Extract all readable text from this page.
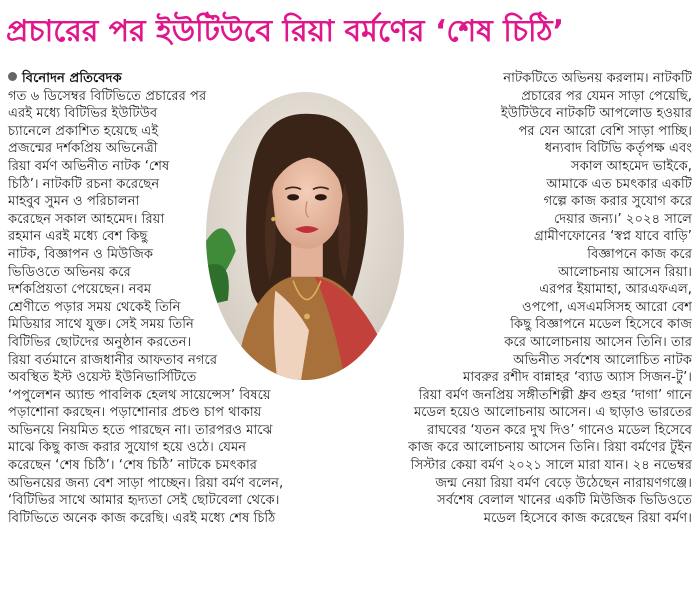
প্রচারের পর ইউটিউবে রিয়া বর্মণের ‘শেষ চিঠি’
বিনোদন প্রতিবেদক
গত ৬ ডিসেম্বর বিটিভিতে প্রচারের পর
এরই মধ্যে বিটিভির ইউটিউব
চ্যানেলে প্রকাশিত হয়েছে এই
প্রজন্মের দর্শকপ্রিয় অভিনেত্রী
রিয়া বর্মণ অভিনীত নাটক ‘শেষ
চিঠি’। নাটকটি রচনা করেছেন
মাহবুব সুমন ও পরিচালনা
করেছেন সকাল আহমেদ। রিয়া
রহমান এরই মধ্যে বেশ কিছু
নাটক, বিজ্ঞাপন ও মিউজিক
ভিডিওতে অভিনয় করে
দর্শকপ্রিয়তা পেয়েছেন। নবম
শ্রেণীতে পড়ার সময় থেকেই তিনি
মিডিয়ার সাথে যুক্ত। সেই সময় তিনি
বিটিভির ছোটদের অনুষ্ঠান করতেন।
রিয়া বর্তমানে রাজধানীর আফতাব নগরে
অবস্থিত ইস্ট ওয়েস্ট ইউনিভার্সিটিতে
‘পপুলেশন অ্যান্ড পাবলিক হেলথ সায়েন্সেস’ বিষয়ে
পড়াশোনা করছেন। পড়াশোনার প্রচণ্ড চাপ থাকায়
অভিনয়ে নিয়মিত হতে পারছেন না। তারপরও মাঝে
মাঝে কিছু কাজ করার সুযোগ হয়ে ওঠে। যেমন
করেছেন ‘শেষ চিঠি’। ‘শেষ চিঠি’ নাটকে চমৎকার
অভিনয়ের জন্য বেশ সাড়া পাচ্ছেন। রিয়া বর্মণ বলেন,
‘বিটিভির সাথে আমার হৃদ্যতা সেই ছোটবেলা থেকে।
বিটিভিতে অনেক কাজ করেছি। এরই মধ্যে শেষ চিঠি
নাটকটিতে অভিনয় করলাম। নাটকটি
প্রচারের পর যেমন সাড়া পেয়েছি,
ইউটিউবে নাটকটি আপলোড হওয়ার
পর যেন আরো বেশি সাড়া পাচ্ছি।
ধন্যবাদ বিটিভি কর্তৃপক্ষ এবং
সকাল আহমেদ ভাইকে,
আমাকে এত চমৎকার একটি
গল্পে কাজ করার সুযোগ করে
দেয়ার জন্য।’ ২০২৪ সালে
গ্রামীণফোনের ‘স্বপ্ন যাবে বাড়ি’
বিজ্ঞাপনে কাজ করে
আলোচনায় আসেন রিয়া।
এরপর ইয়ামাহা, আরএফএল,
ওপপো, এসএমসিসহ আরো বেশ
কিছু বিজ্ঞাপনে মডেল হিসেবে কাজ
করে আলোচনায় আসেন তিনি। তার
অভিনীত সর্বশেষ আলোচিত নাটক
মাবরুর রশীদ বান্নাহর ‘ব্যাড অ্যাস সিজন-টু’।
রিয়া বর্মণ জনপ্রিয় সঙ্গীতশিল্পী ধ্রুব গুহর ‘দাগা’ গানে
মডেল হয়েও আলোচনায় আসেন। এ ছাড়াও ভারতের
রাঘবের ‘যতন করে দুখ দিও’ গানেও মডেল হিসেবে
কাজ করে আলোচনায় আসেন তিনি। রিয়া বর্মণের টুইন
সিস্টার কেয়া বর্মণ ২০২১ সালে মারা যান। ২৪ নভেম্বর
জন্ম নেয়া রিয়া বর্মণ বেড়ে উঠেছেন নারায়ণগঞ্জে।
সর্বশেষ বেলাল খানের একটি মিউজিক ভিডিওতে
মডেল হিসেবে কাজ করেছেন রিয়া বর্মণ।
